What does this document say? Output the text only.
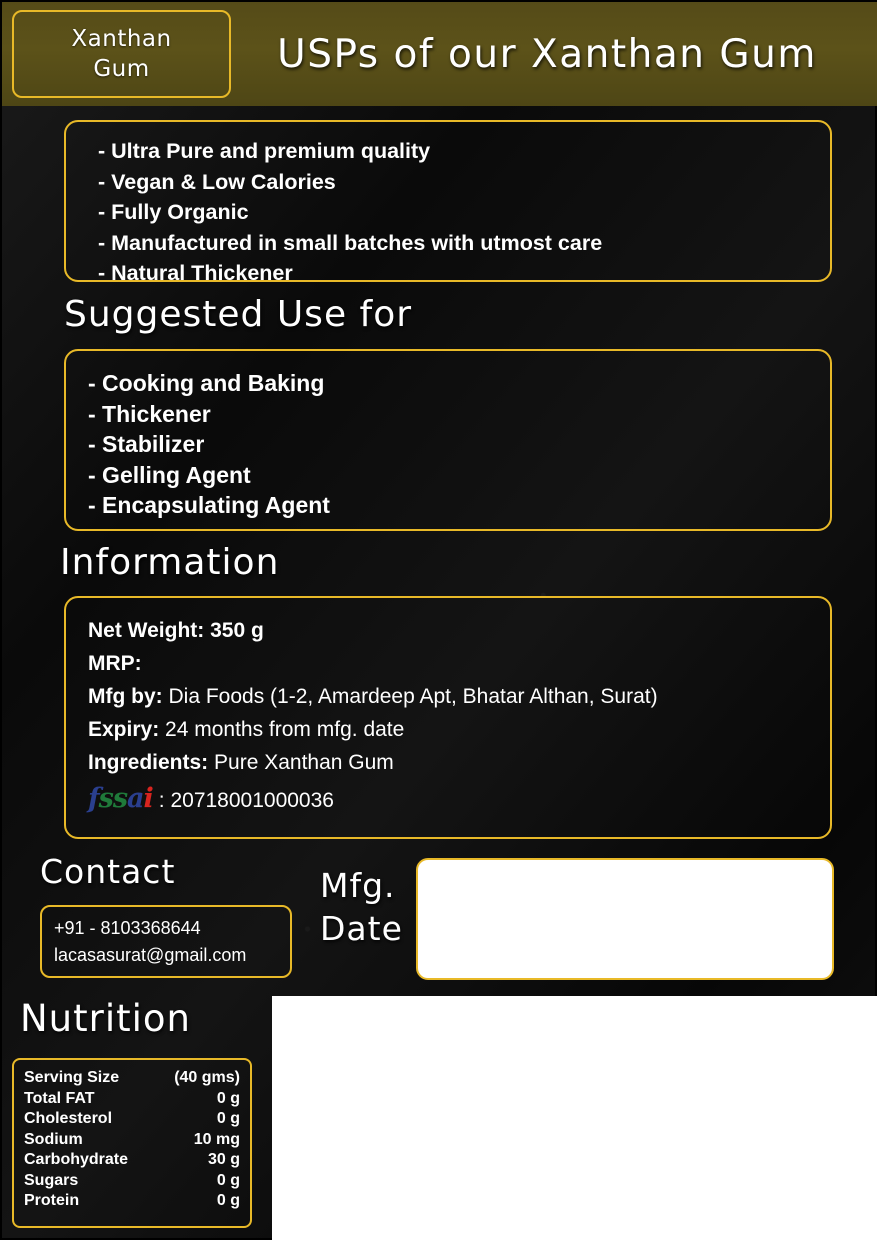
Xanthan
Gum	USPs of our Xanthan Gum
- Ultra Pure and premium quality
- Vegan & Low Calories
- Fully Organic
- Manufactured in small batches with utmost care
- Natural Thickener
Suggested Use for
- Cooking and Baking
- Thickener
- Stabilizer
- Gelling Agent
- Encapsulating Agent
Information
Net Weight: 350 g
MRP:
Mfg by: Dia Foods (1-2, Amardeep Apt, Bhatar Althan, Surat)
Expiry: 24 months from mfg. date
Ingredients: Pure Xanthan Gum
fssai : 20718001000036
Contact
+91 - 8103368644
lacasasurat@gmail.com
Mfg.
Date
Nutrition
Serving Size	(40 gms)
Total FAT	0 g
Cholesterol	0 g
Sodium	10 mg
Carbohydrate	30 g
Sugars	0 g
Protein	0 g
